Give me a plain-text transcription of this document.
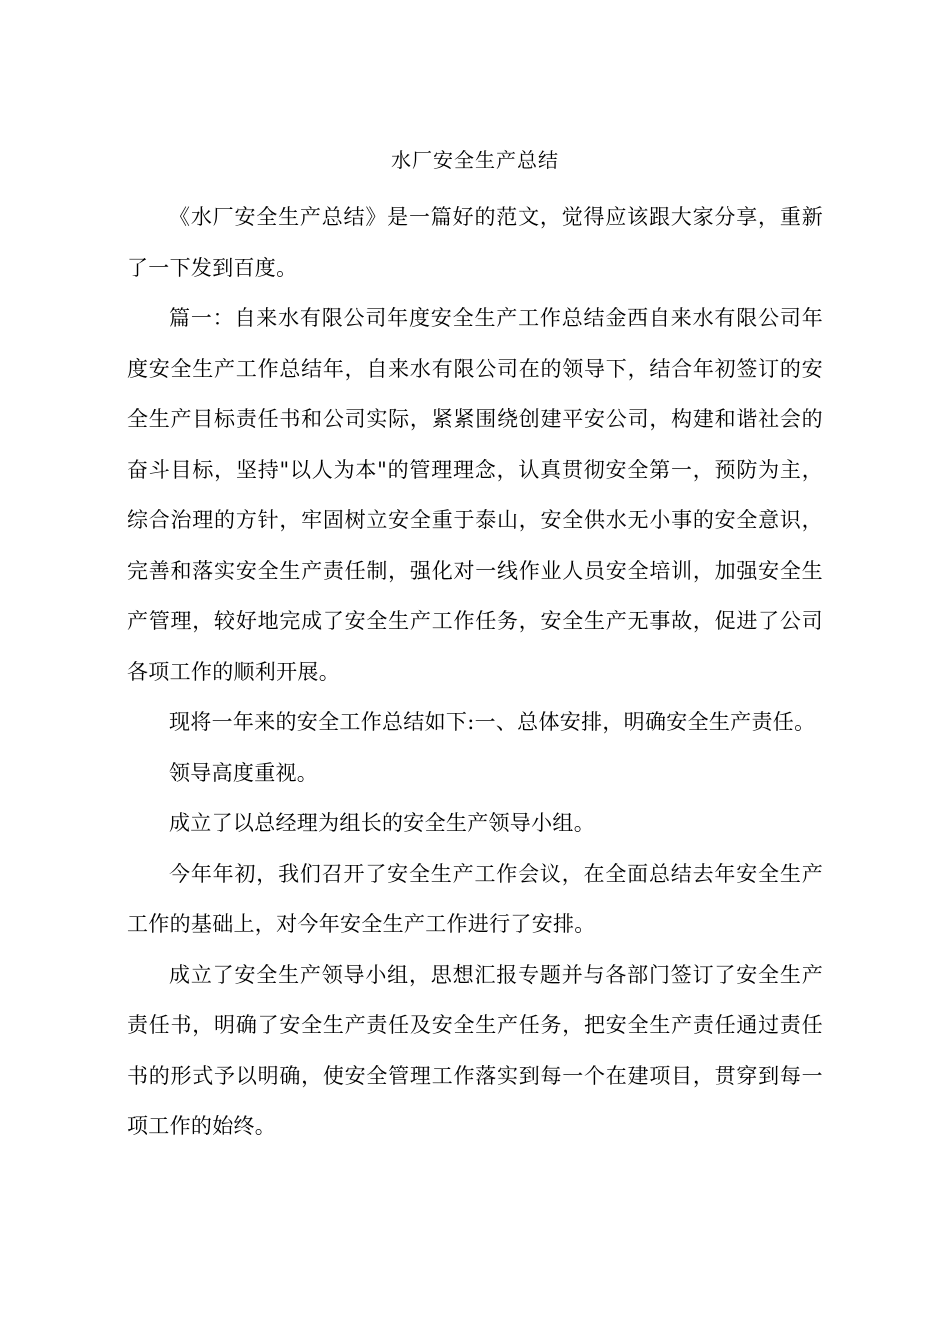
水厂安全生产总结

《水厂安全生产总结》是一篇好的范文，觉得应该跟大家分享，重新了一下发到百度。

篇一：自来水有限公司年度安全生产工作总结金西自来水有限公司年度安全生产工作总结年，自来水有限公司在的领导下，结合年初签订的安全生产目标责任书和公司实际，紧紧围绕创建平安公司，构建和谐社会的奋斗目标，坚持"以人为本"的管理理念，认真贯彻安全第一，预防为主，综合治理的方针，牢固树立安全重于泰山，安全供水无小事的安全意识，完善和落实安全生产责任制，强化对一线作业人员安全培训，加强安全生产管理，较好地完成了安全生产工作任务，安全生产无事故，促进了公司各项工作的顺利开展。

现将一年来的安全工作总结如下:一、总体安排，明确安全生产责任。

领导高度重视。

成立了以总经理为组长的安全生产领导小组。

今年年初，我们召开了安全生产工作会议，在全面总结去年安全生产工作的基础上，对今年安全生产工作进行了安排。

成立了安全生产领导小组，思想汇报专题并与各部门签订了安全生产责任书，明确了安全生产责任及安全生产任务，把安全生产责任通过责任书的形式予以明确，使安全管理工作落实到每一个在建项目，贯穿到每一项工作的始终。
